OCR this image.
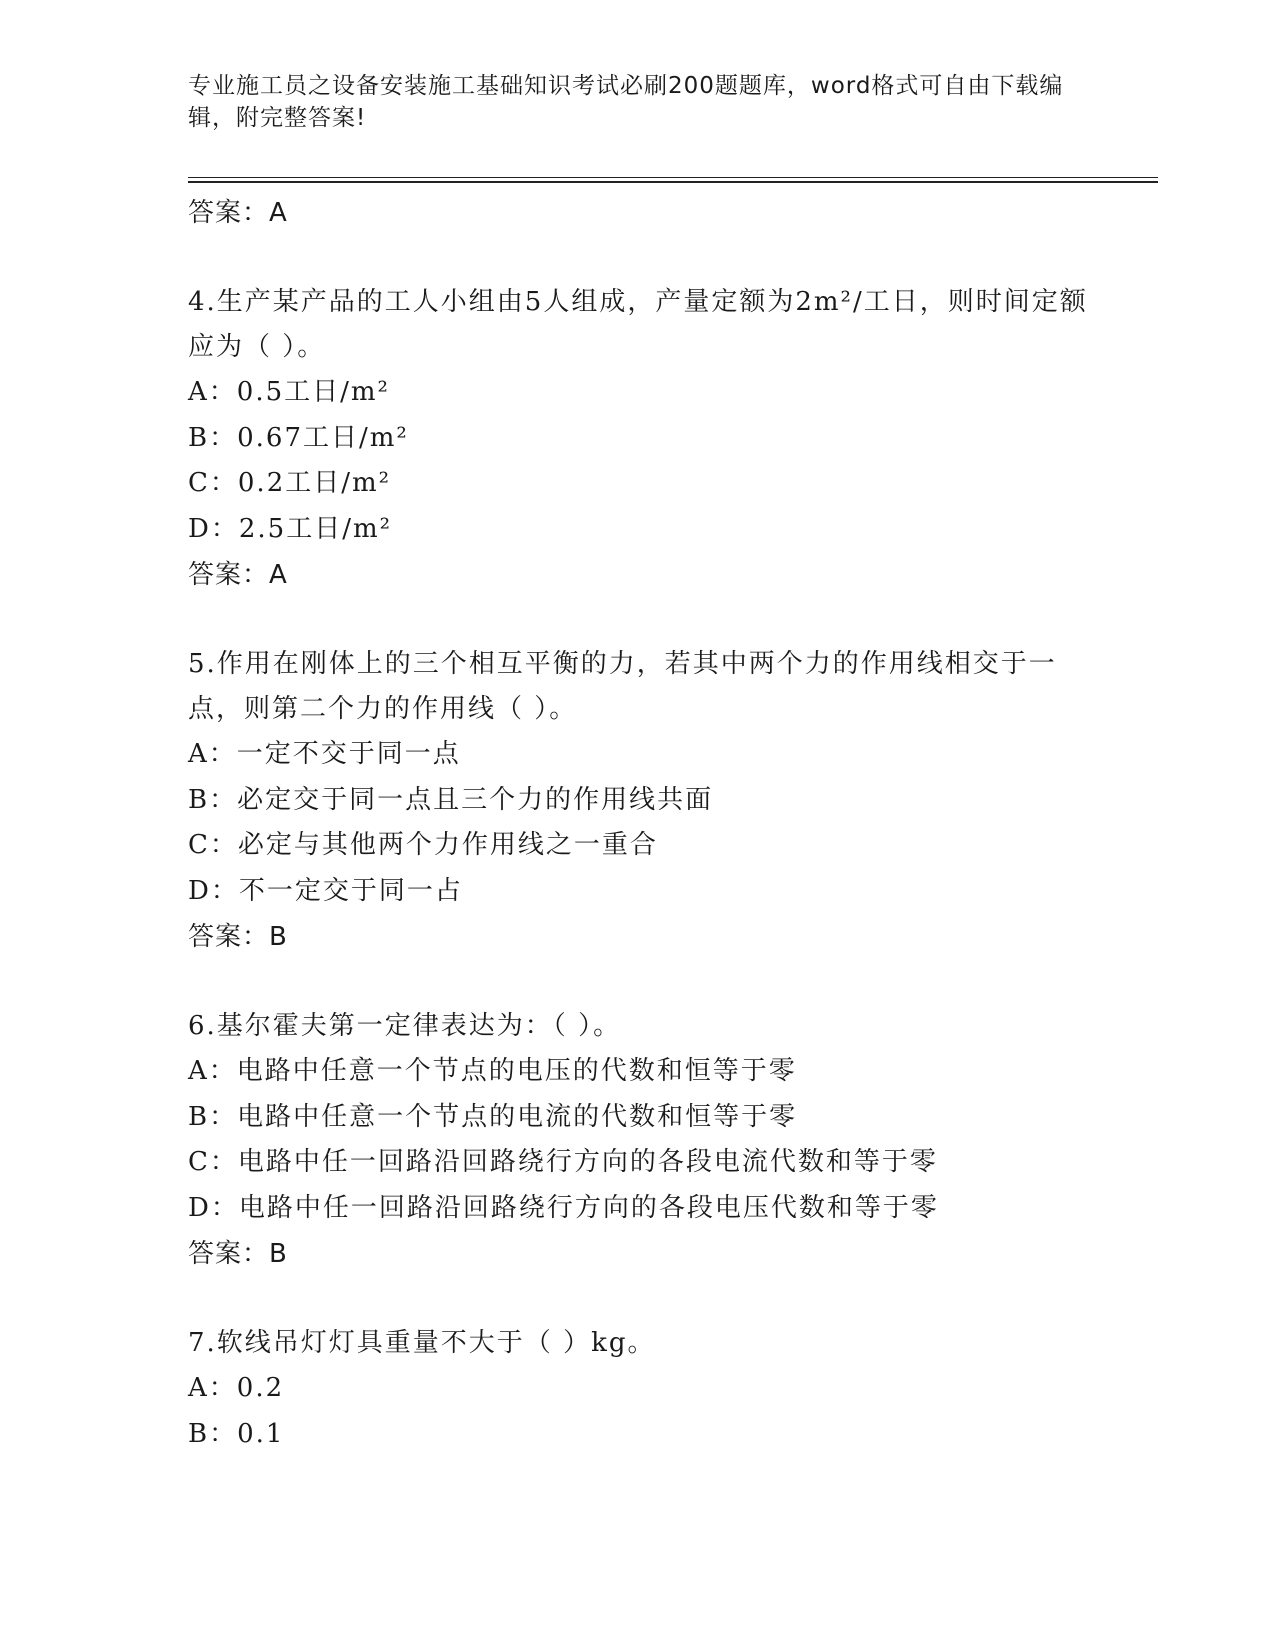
专业施工员之设备安装施工基础知识考试必刷200题题库，word格式可自由下载编辑，附完整答案!
答案：A

4.生产某产品的工人小组由5人组成，产量定额为2m²/工日，则时间定额应为（ ）。

A：0.5工日/m²
B：0.67工日/m²
C：0.2工日/m²
D：2.5工日/m²
答案：A

5.作用在刚体上的三个相互平衡的力，若其中两个力的作用线相交于一点，则第二个力的作用线（ ）。

A：一定不交于同一点
B：必定交于同一点且三个力的作用线共面
C：必定与其他两个力作用线之一重合
D：不一定交于同一占
答案：B

6.基尔霍夫第一定律表达为：（ ）。

A：电路中任意一个节点的电压的代数和恒等于零
B：电路中任意一个节点的电流的代数和恒等于零
C：电路中任一回路沿回路绕行方向的各段电流代数和等于零
D：电路中任一回路沿回路绕行方向的各段电压代数和等于零
答案：B

7.软线吊灯灯具重量不大于（ ）kg。

A：0.2
B：0.1
